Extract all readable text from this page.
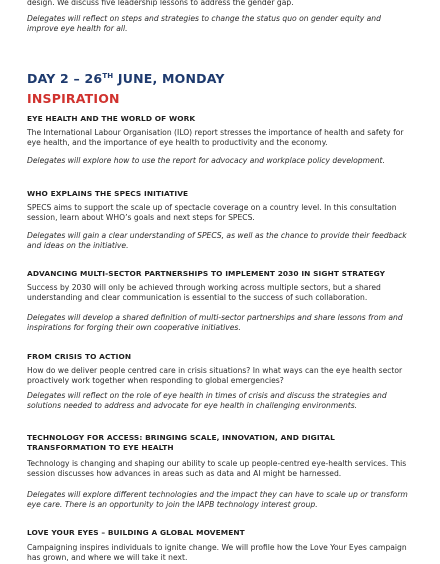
design. We discuss five leadership lessons to address the gender gap.

Delegates will reflect on steps and strategies to change the status quo on gender equity and improve eye health for all.

DAY 2 – 26TH JUNE, MONDAY
INSPIRATION
EYE HEALTH AND THE WORLD OF WORK

The International Labour Organisation (ILO) report stresses the importance of health and safety for eye health, and the importance of eye health to productivity and the economy.

Delegates will explore how to use the report for advocacy and workplace policy development.

WHO EXPLAINS THE SPECS INITIATIVE

SPECS aims to support the scale up of spectacle coverage on a country level. In this consultation session, learn about WHO’s goals and next steps for SPECS.

Delegates will gain a clear understanding of SPECS, as well as the chance to provide their feedback and ideas on the initiative.

ADVANCING MULTI-SECTOR PARTNERSHIPS TO IMPLEMENT 2030 IN SIGHT STRATEGY

Success by 2030 will only be achieved through working across multiple sectors, but a shared understanding and clear communication is essential to the success of such collaboration.

Delegates will develop a shared definition of multi-sector partnerships and share lessons from and inspirations for forging their own cooperative initiatives.

FROM CRISIS TO ACTION

How do we deliver people centred care in crisis situations? In what ways can the eye health sector proactively work together when responding to global emergencies?

Delegates will reflect on the role of eye health in times of crisis and discuss the strategies and solutions needed to address and advocate for eye health in challenging environments.

TECHNOLOGY FOR ACCESS: BRINGING SCALE, INNOVATION, AND DIGITAL TRANSFORMATION TO EYE HEALTH

Technology is changing and shaping our ability to scale up people-centred eye-health services. This session discusses how advances in areas such as data and AI might be harnessed.

Delegates will explore different technologies and the impact they can have to scale up or transform eye care. There is an opportunity to join the IAPB technology interest group.

LOVE YOUR EYES – BUILDING A GLOBAL MOVEMENT

Campaigning inspires individuals to ignite change. We will profile how the Love Your Eyes campaign has grown, and where we will take it next.
